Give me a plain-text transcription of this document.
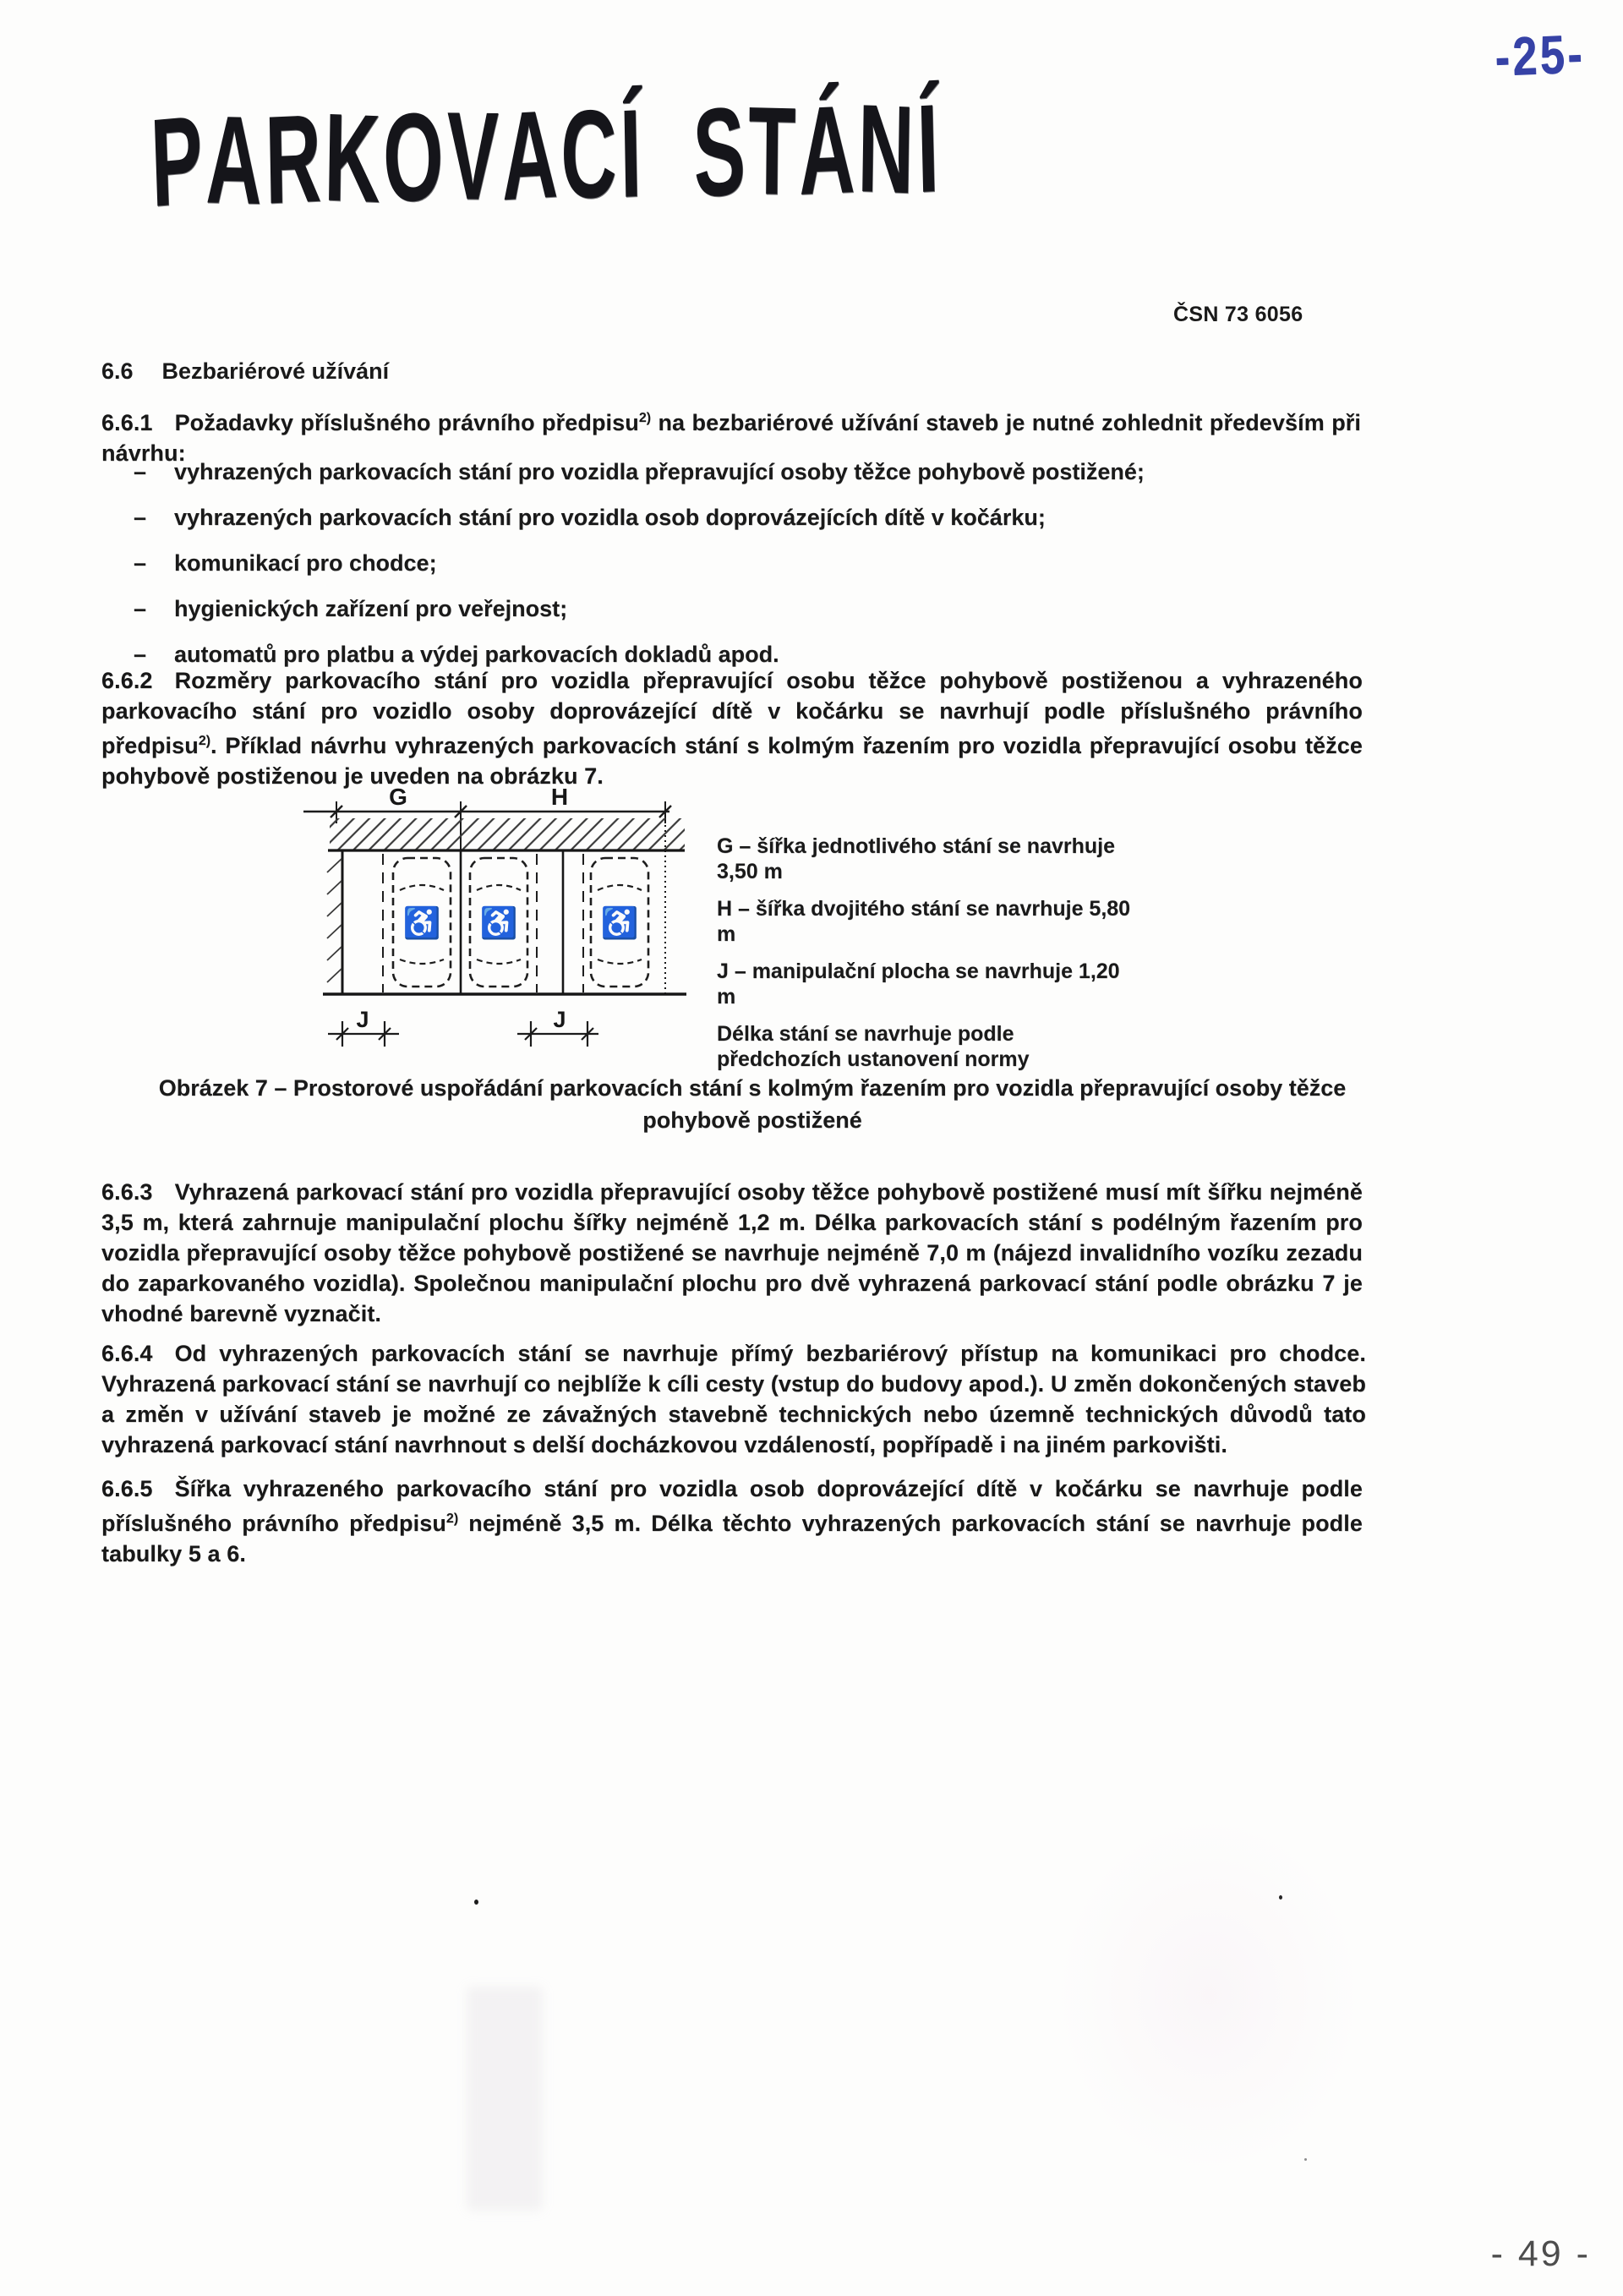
PARKOVACÍ STÁNÍ
-25-
ČSN 73 6056
6.6 Bezbariérové užívání
6.6.1 Požadavky příslušného právního předpisu$^{2)}$ na bezbariérové užívání staveb je nutné zohlednit především při návrhu:
– vyhrazených parkovacích stání pro vozidla přepravující osoby těžce pohybově postižené;
– vyhrazených parkovacích stání pro vozidla osob doprovázejících dítě v kočárku;
– komunikací pro chodce;
– hygienických zařízení pro veřejnost;
– automatů pro platbu a výdej parkovacích dokladů apod.
6.6.2 Rozměry parkovacího stání pro vozidla přepravující osobu těžce pohybově postiženou a vyhrazeného parkovacího stání pro vozidlo osoby doprovázející dítě v kočárku se navrhují podle příslušného právního předpisu$^{2)}$. Příklad návrhu vyhrazených parkovacích stání s kolmým řazením pro vozidla přepravující osobu těžce pohybově postiženou je uveden na obrázku 7.
G	H
♿ ♿	♿
J	J
G – šířka jednotlivého stání se navrhuje 3,50 m
H – šířka dvojitého stání se navrhuje 5,80 m
J – manipulační plocha se navrhuje 1,20 m
Délka stání se navrhuje podle předchozích ustanovení normy
Obrázek 7 – Prostorové uspořádání parkovacích stání s kolmým řazením pro vozidla přepravující osoby těžce pohybově postižené
6.6.3 Vyhrazená parkovací stání pro vozidla přepravující osoby těžce pohybově postižené musí mít šířku nejméně 3,5 m, která zahrnuje manipulační plochu šířky nejméně 1,2 m. Délka parkovacích stání s podélným řazením pro vozidla přepravující osoby těžce pohybově postižené se navrhuje nejméně 7,0 m (nájezd invalidního vozíku zezadu do zaparkovaného vozidla). Společnou manipulační plochu pro dvě vyhrazená parkovací stání podle obrázku 7 je vhodné barevně vyznačit.
6.6.4 Od vyhrazených parkovacích stání se navrhuje přímý bezbariérový přístup na komunikaci pro chodce. Vyhrazená parkovací stání se navrhují co nejblíže k cíli cesty (vstup do budovy apod.). U změn dokončených staveb a změn v užívání staveb je možné ze závažných stavebně technických nebo územně technických důvodů tato vyhrazená parkovací stání navrhnout s delší docházkovou vzdáleností, popřípadě i na jiném parkovišti.
6.6.5 Šířka vyhrazeného parkovacího stání pro vozidla osob doprovázející dítě v kočárku se navrhuje podle příslušného právního předpisu$^{2)}$ nejméně 3,5 m. Délka těchto vyhrazených parkovacích stání se navrhuje podle tabulky 5 a 6.
- 49 -
